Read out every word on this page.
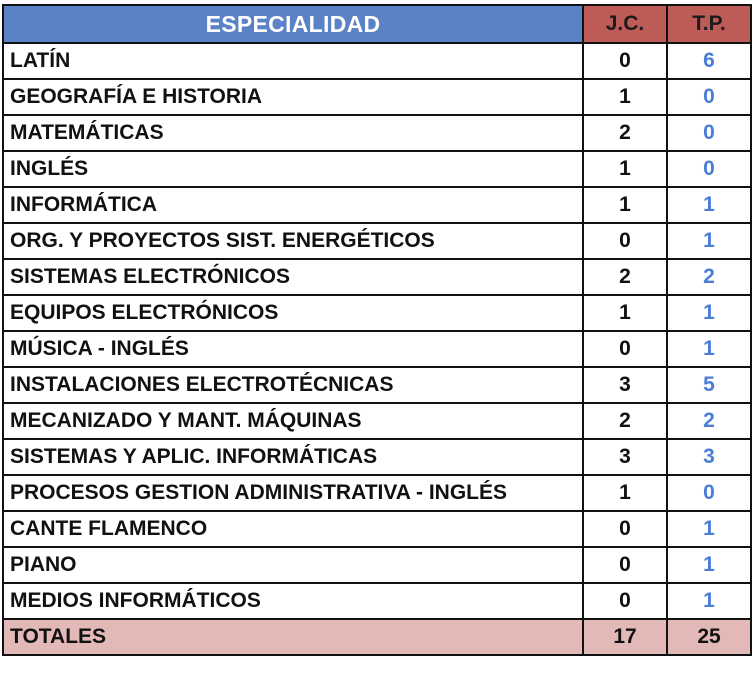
ESPECIALIDAD	J.C.	T.P.
LATÍN	0	6
GEOGRAFÍA E HISTORIA	1	0
MATEMÁTICAS	2	0
INGLÉS	1	0
INFORMÁTICA	1	1
ORG. Y PROYECTOS SIST. ENERGÉTICOS	0	1
SISTEMAS ELECTRÓNICOS	2	2
EQUIPOS ELECTRÓNICOS	1	1
MÚSICA - INGLÉS	0	1
INSTALACIONES ELECTROTÉCNICAS	3	5
MECANIZADO Y MANT. MÁQUINAS	2	2
SISTEMAS Y APLIC. INFORMÁTICAS	3	3
PROCESOS GESTION ADMINISTRATIVA - INGLÉS	1	0
CANTE FLAMENCO	0	1
PIANO	0	1
MEDIOS INFORMÁTICOS	0	1
TOTALES	17	25
